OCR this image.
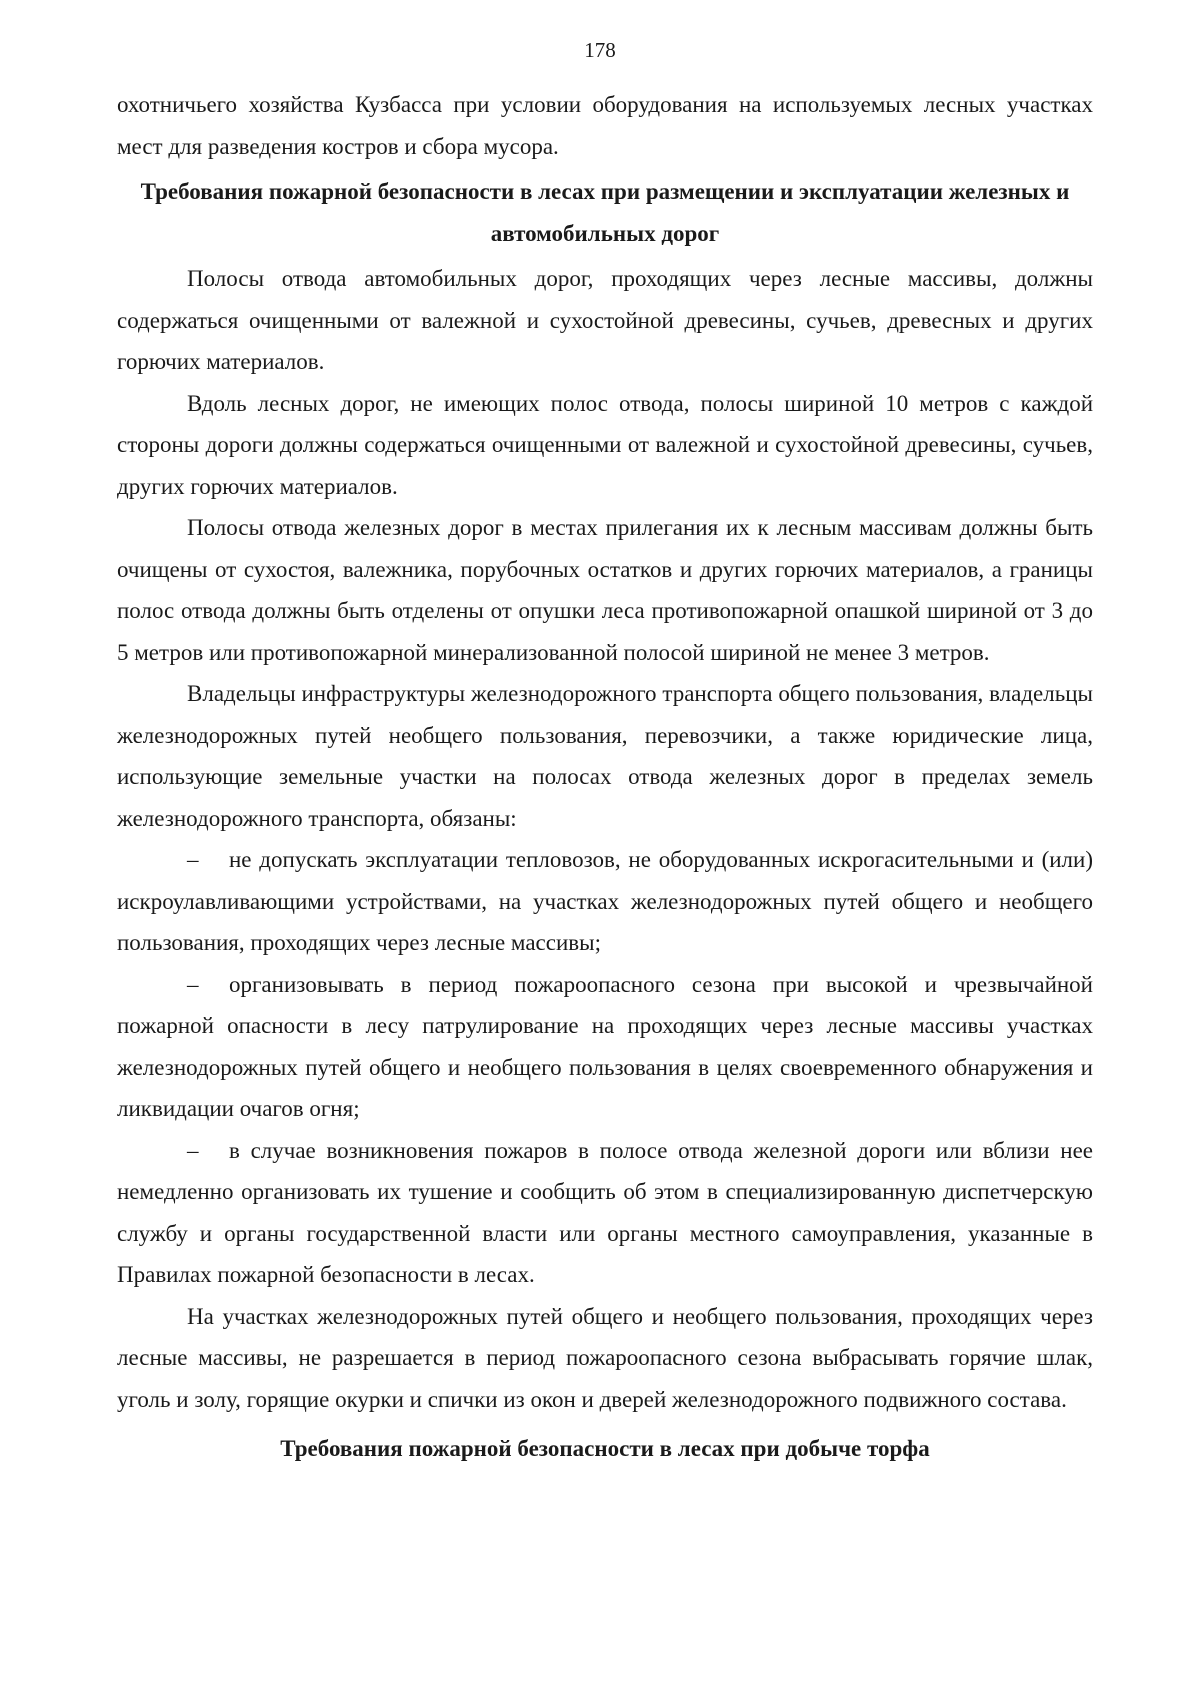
178

охотничьего хозяйства Кузбасса при условии оборудования на используемых лесных участках мест для разведения костров и сбора мусора.

Требования пожарной безопасности в лесах при размещении и эксплуатации железных и автомобильных дорог

Полосы отвода автомобильных дорог, проходящих через лесные массивы, должны содержаться очищенными от валежной и сухостойной древесины, сучьев, древесных и других горючих материалов.

Вдоль лесных дорог, не имеющих полос отвода, полосы шириной 10 метров с каждой стороны дороги должны содержаться очищенными от валежной и сухостойной древесины, сучьев, других горючих материалов.

Полосы отвода железных дорог в местах прилегания их к лесным массивам должны быть очищены от сухостоя, валежника, порубочных остатков и других горючих материалов, а границы полос отвода должны быть отделены от опушки леса противопожарной опашкой шириной от 3 до 5 метров или противопожарной минерализованной полосой шириной не менее 3 метров.

Владельцы инфраструктуры железнодорожного транспорта общего пользования, владельцы железнодорожных путей необщего пользования, перевозчики, а также юридические лица, использующие земельные участки на полосах отвода железных дорог в пределах земель железнодорожного транспорта, обязаны:

– не допускать эксплуатации тепловозов, не оборудованных искрогасительными и (или) искроулавливающими устройствами, на участках железнодорожных путей общего и необщего пользования, проходящих через лесные массивы;

– организовывать в период пожароопасного сезона при высокой и чрезвычайной пожарной опасности в лесу патрулирование на проходящих через лесные массивы участках железнодорожных путей общего и необщего пользования в целях своевременного обнаружения и ликвидации очагов огня;

– в случае возникновения пожаров в полосе отвода железной дороги или вблизи нее немедленно организовать их тушение и сообщить об этом в специализированную диспетчерскую службу и органы государственной власти или органы местного самоуправления, указанные в Правилах пожарной безопасности в лесах.

На участках железнодорожных путей общего и необщего пользования, проходящих через лесные массивы, не разрешается в период пожароопасного сезона выбрасывать горячие шлак, уголь и золу, горящие окурки и спички из окон и дверей железнодорожного подвижного состава.

Требования пожарной безопасности в лесах при добыче торфа
